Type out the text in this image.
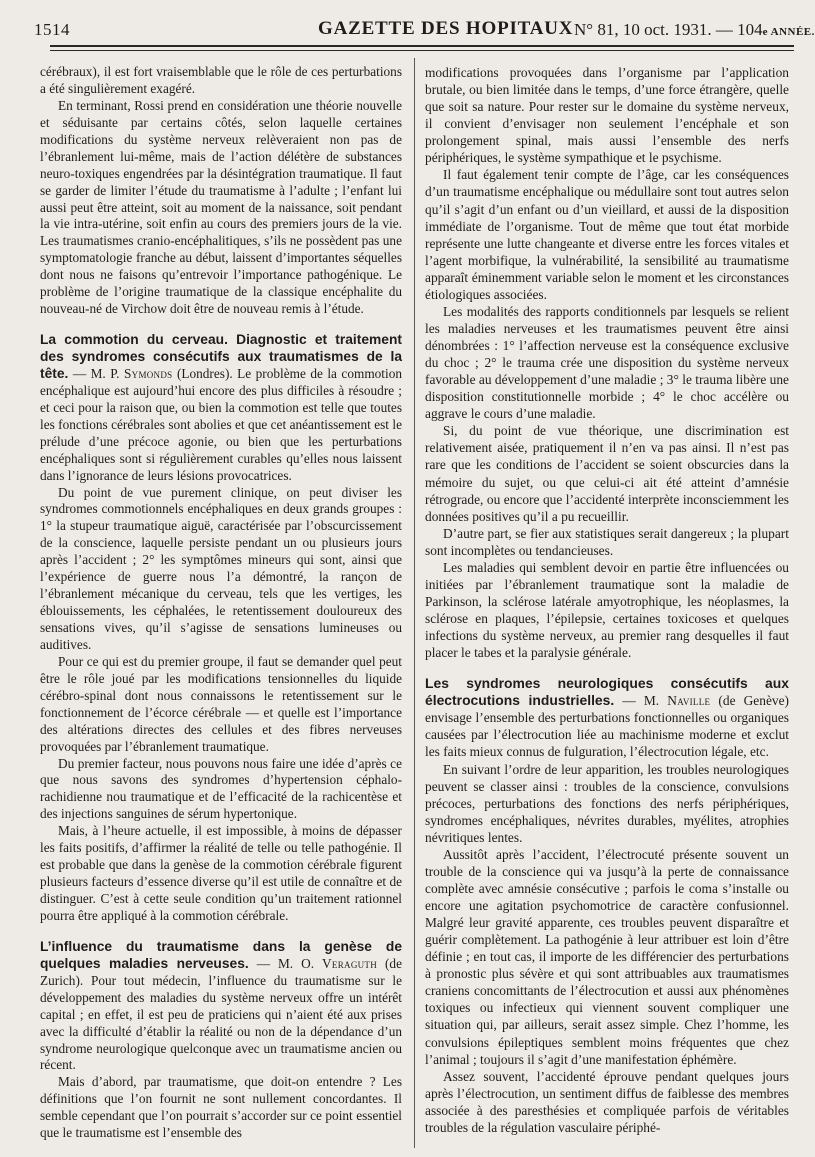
1514	GAZETTE DES HOPITAUX N° 81, 10 oct. 1931. — 104e ANNÉE.

cérébraux), il est fort vraisemblable que le rôle de ces perturbations a été singulièrement exagéré.

En terminant, Rossi prend en considération une théorie nouvelle et séduisante par certains côtés, selon laquelle certaines modifications du système nerveux relèveraient non pas de l’ébranlement lui-même, mais de l’action délétère de substances neuro-toxiques engendrées par la désintégration traumatique. Il faut se garder de limiter l’étude du traumatisme à l’adulte ; l’enfant lui aussi peut être atteint, soit au moment de la naissance, soit pendant la vie intra-utérine, soit enfin au cours des premiers jours de la vie. Les traumatismes cranio-encéphalitiques, s’ils ne possèdent pas une symptomatologie franche au début, laissent d’importantes séquelles dont nous ne faisons qu’entrevoir l’importance pathogénique. Le problème de l’origine traumatique de la classique encéphalite du nouveau-né de Virchow doit être de nouveau remis à l’étude.

La commotion du cerveau. Diagnostic et traitement des syndromes consécutifs aux traumatismes de la tête. — M. P. Symonds (Londres). Le problème de la commotion encéphalique est aujourd’hui encore des plus difficiles à résoudre ; et ceci pour la raison que, ou bien la commotion est telle que toutes les fonctions cérébrales sont abolies et que cet anéantissement est le prélude d’une précoce agonie, ou bien que les perturbations encéphaliques sont si régulièrement curables qu’elles nous laissent dans l’ignorance de leurs lésions provocatrices.

Du point de vue purement clinique, on peut diviser les syndromes commotionnels encéphaliques en deux grands groupes : 1° la stupeur traumatique aiguë, caractérisée par l’obscurcissement de la conscience, laquelle persiste pendant un ou plusieurs jours après l’accident ; 2° les symptômes mineurs qui sont, ainsi que l’expérience de guerre nous l’a démontré, la rançon de l’ébranlement mécanique du cerveau, tels que les vertiges, les éblouissements, les céphalées, le retentissement douloureux des sensations vives, qu’il s’agisse de sensations lumineuses ou auditives.

Pour ce qui est du premier groupe, il faut se demander quel peut être le rôle joué par les modifications tensionnelles du liquide cérébro-spinal dont nous connaissons le retentissement sur le fonctionnement de l’écorce cérébrale — et quelle est l’importance des altérations directes des cellules et des fibres nerveuses provoquées par l’ébranlement traumatique.

Du premier facteur, nous pouvons nous faire une idée d’après ce que nous savons des syndromes d’hypertension céphalo-rachidienne nou traumatique et de l’efficacité de la rachicentèse et des injections sanguines de sérum hypertonique.

Mais, à l’heure actuelle, il est impossible, à moins de dépasser les faits positifs, d’affirmer la réalité de telle ou telle pathogénie. Il est probable que dans la genèse de la commotion cérébrale figurent plusieurs facteurs d’essence diverse qu’il est utile de connaître et de distinguer. C’est à cette seule condition qu’un traitement rationnel pourra être appliqué à la commotion cérébrale.

L’influence du traumatisme dans la genèse de quelques maladies nerveuses. — M. O. Veraguth (de Zurich). Pour tout médecin, l’influence du traumatisme sur le développement des maladies du système nerveux offre un intérêt capital ; en effet, il est peu de praticiens qui n’aient été aux prises avec la difficulté d’établir la réalité ou non de la dépendance d’un syndrome neurologique quelconque avec un traumatisme ancien ou récent.

Mais d’abord, par traumatisme, que doit-on entendre ? Les définitions que l’on fournit ne sont nullement concordantes. Il semble cependant que l’on pourrait s’accorder sur ce point essentiel que le traumatisme est l’ensemble des

modifications provoquées dans l’organisme par l’application brutale, ou bien limitée dans le temps, d’une force étrangère, quelle que soit sa nature. Pour rester sur le domaine du système nerveux, il convient d’envisager non seulement l’encéphale et son prolongement spinal, mais aussi l’ensemble des nerfs périphériques, le système sympathique et le psychisme.

Il faut également tenir compte de l’âge, car les conséquences d’un traumatisme encéphalique ou médullaire sont tout autres selon qu’il s’agit d’un enfant ou d’un vieillard, et aussi de la disposition immédiate de l’organisme. Tout de même que tout état morbide représente une lutte changeante et diverse entre les forces vitales et l’agent morbifique, la vulnérabilité, la sensibilité au traumatisme apparaît éminemment variable selon le moment et les circonstances étiologiques associées.

Les modalités des rapports conditionnels par lesquels se relient les maladies nerveuses et les traumatismes peuvent être ainsi dénombrées : 1° l’affection nerveuse est la conséquence exclusive du choc ; 2° le trauma crée une disposition du système nerveux favorable au développement d’une maladie ; 3° le trauma libère une disposition constitutionnelle morbide ; 4° le choc accélère ou aggrave le cours d’une maladie.

Si, du point de vue théorique, une discrimination est relativement aisée, pratiquement il n’en va pas ainsi. Il n’est pas rare que les conditions de l’accident se soient obscurcies dans la mémoire du sujet, ou que celui-ci ait été atteint d’amnésie rétrograde, ou encore que l’accidenté interprète inconsciemment les données positives qu’il a pu recueillir.

D’autre part, se fier aux statistiques serait dangereux ; la plupart sont incomplètes ou tendancieuses.

Les maladies qui semblent devoir en partie être influencées ou initiées par l’ébranlement traumatique sont la maladie de Parkinson, la sclérose latérale amyotrophique, les néoplasmes, la sclérose en plaques, l’épilepsie, certaines toxicoses et quelques infections du système nerveux, au premier rang desquelles il faut placer le tabes et la paralysie générale.

Les syndromes neurologiques consécutifs aux électrocutions industrielles. — M. Naville (de Genève) envisage l’ensemble des perturbations fonctionnelles ou organiques causées par l’électrocution liée au machinisme moderne et exclut les faits mieux connus de fulguration, l’électrocution légale, etc.

En suivant l’ordre de leur apparition, les troubles neurologiques peuvent se classer ainsi : troubles de la conscience, convulsions précoces, perturbations des fonctions des nerfs périphériques, syndromes encéphaliques, névrites durables, myélites, atrophies névritiques lentes.

Aussitôt après l’accident, l’électrocuté présente souvent un trouble de la conscience qui va jusqu’à la perte de connaissance complète avec amnésie consécutive ; parfois le coma s’installe ou encore une agitation psychomotrice de caractère confusionnel. Malgré leur gravité apparente, ces troubles peuvent disparaître et guérir complètement. La pathogénie à leur attribuer est loin d’être définie ; en tout cas, il importe de les différencier des perturbations à pronostic plus sévère et qui sont attribuables aux traumatismes craniens concomittants de l’électrocution et aussi aux phénomènes toxiques ou infectieux qui viennent souvent compliquer une situation qui, par ailleurs, serait assez simple. Chez l’homme, les convulsions épileptiques semblent moins fréquentes que chez l’animal ; toujours il s’agit d’une manifestation éphémère.

Assez souvent, l’accidenté éprouve pendant quelques jours après l’électrocution, un sentiment diffus de faiblesse des membres associée à des paresthésies et compliquée parfois de véritables troubles de la régulation vasculaire périphé-
